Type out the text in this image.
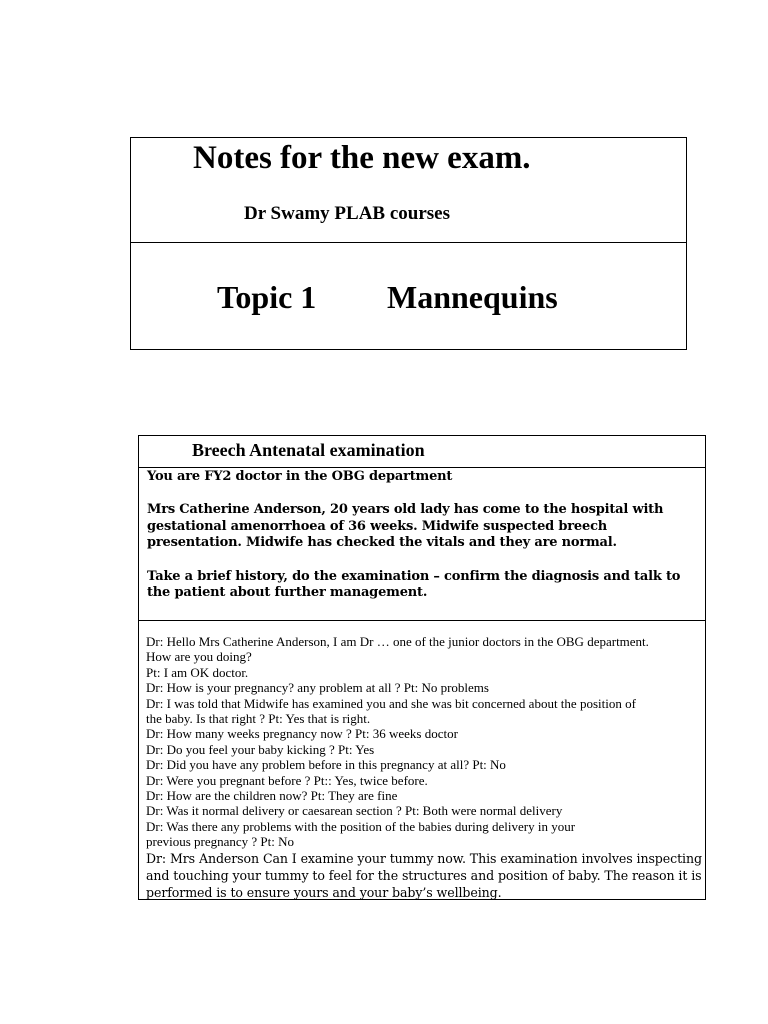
Notes for the new exam.
Dr Swamy PLAB courses
Topic 1 Mannequins
Breech Antenatal examination

You are FY2 doctor in the OBG department

Mrs Catherine Anderson, 20 years old lady has come to the hospital with gestational amenorrhoea of 36 weeks. Midwife suspected breech presentation. Midwife has checked the vitals and they are normal.

Take a brief history, do the examination – confirm the diagnosis and talk to the patient about further management.

Dr: Hello Mrs Catherine Anderson, I am Dr … one of the junior doctors in the OBG department.
How are you doing?
Pt: I am OK doctor.
Dr: How is your pregnancy? any problem at all ? Pt: No problems
Dr: I was told that Midwife has examined you and she was bit concerned about the position of
the baby. Is that right ? Pt: Yes that is right.
Dr: How many weeks pregnancy now ? Pt: 36 weeks doctor
Dr: Do you feel your baby kicking ? Pt: Yes
Dr: Did you have any problem before in this pregnancy at all? Pt: No
Dr: Were you pregnant before ? Pt:: Yes, twice before.
Dr: How are the children now? Pt: They are fine
Dr: Was it normal delivery or caesarean section ? Pt: Both were normal delivery
Dr: Was there any problems with the position of the babies during delivery in your
previous pregnancy ? Pt: No
Dr: Mrs Anderson Can I examine your tummy now. This examination involves inspecting
and touching your tummy to feel for the structures and position of baby. The reason it is
performed is to ensure yours and your baby’s wellbeing.
